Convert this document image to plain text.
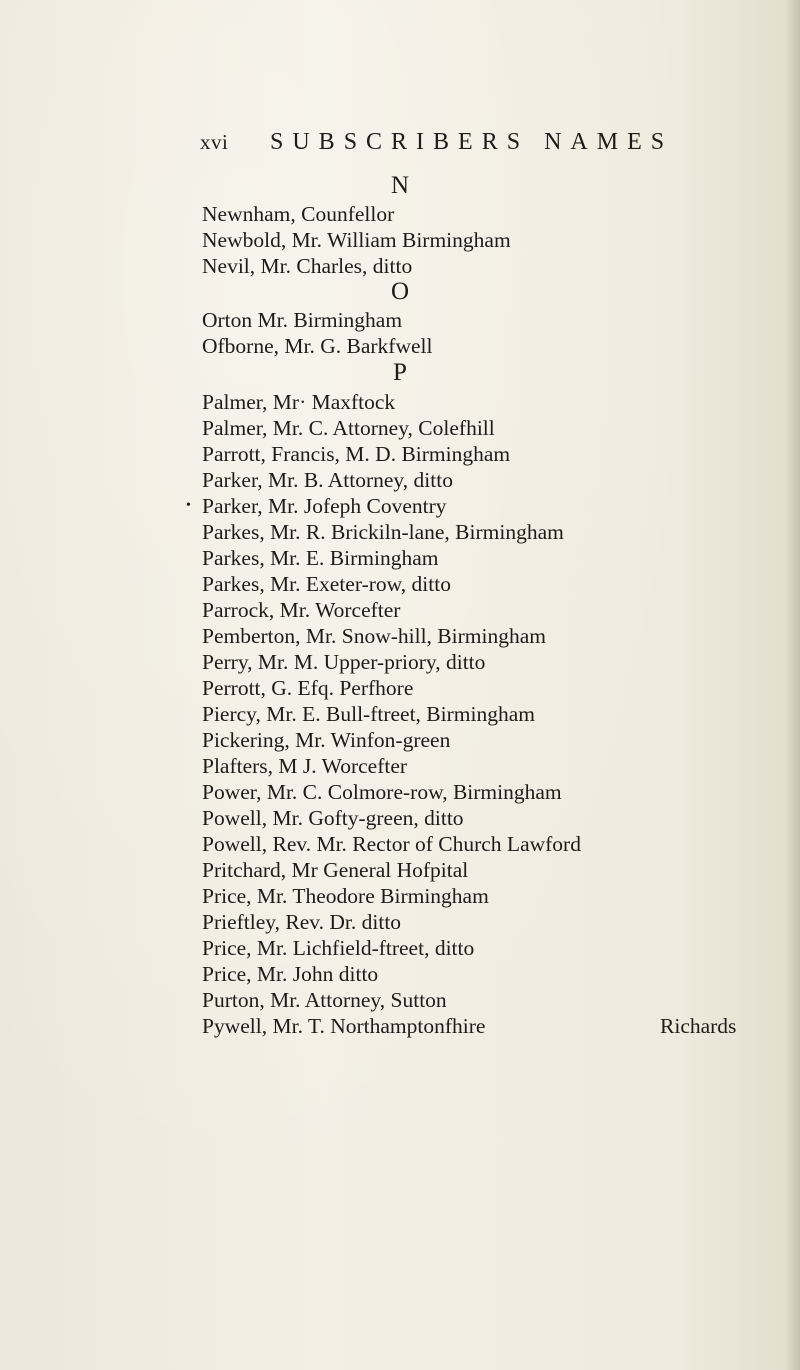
xvi SUBSCRIBERS NAMES
N
Newnham, Counfellor
Newbold, Mr. William Birmingham
Nevil, Mr. Charles, ditto
O
Orton Mr. Birmingham
Ofborne, Mr. G. Barkfwell
P
Palmer, Mr· Maxftock
Palmer, Mr. C. Attorney, Colefhill
Parrott, Francis, M. D. Birmingham
Parker, Mr. B. Attorney, ditto
• Parker, Mr. Jofeph Coventry
Parkes, Mr. R. Brickiln-lane, Birmingham
Parkes, Mr. E. Birmingham
Parkes, Mr. Exeter-row, ditto
Parrock, Mr. Worcefter
Pemberton, Mr. Snow-hill, Birmingham
Perry, Mr. M. Upper-priory, ditto
Perrott, G. Efq. Perfhore
Piercy, Mr. E. Bull-ftreet, Birmingham
Pickering, Mr. Winfon-green
Plafters, M J. Worcefter
Power, Mr. C. Colmore-row, Birmingham
Powell, Mr. Gofty-green, ditto
Powell, Rev. Mr. Rector of Church Lawford
Pritchard, Mr General Hofpital
Price, Mr. Theodore Birmingham
Prieftley, Rev. Dr. ditto
Price, Mr. Lichfield-ftreet, ditto
Price, Mr. John ditto
Purton, Mr. Attorney, Sutton
Pywell, Mr. T. Northamptonfhire	Richards
